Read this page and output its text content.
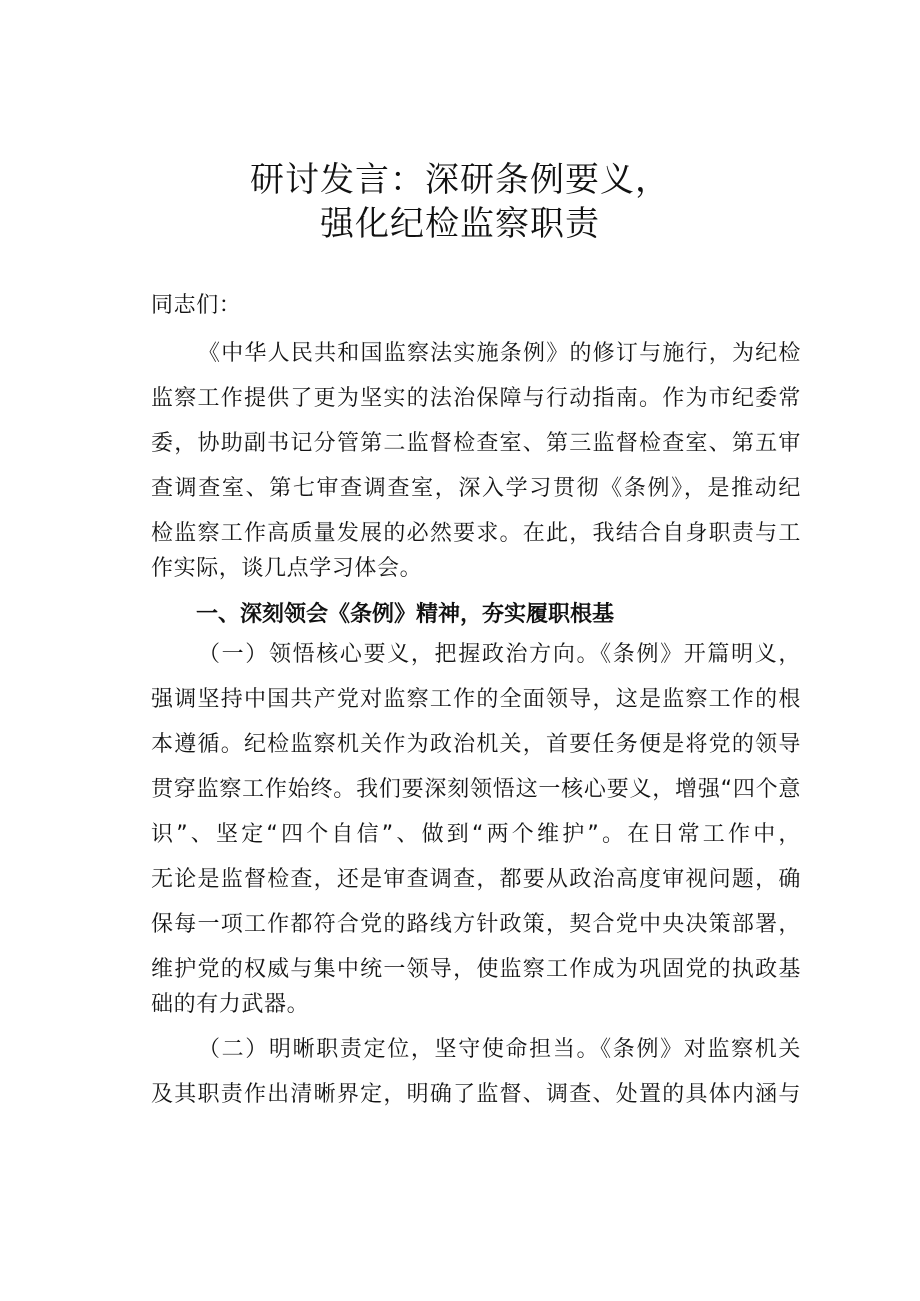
研讨发言：深研条例要义，
强化纪检监察职责
同志们：
《中华人民共和国监察法实施条例》的修订与施行，为纪检
监察工作提供了更为坚实的法治保障与行动指南。作为市纪委常
委，协助副书记分管第二监督检查室、第三监督检查室、第五审
查调查室、第七审查调查室，深入学习贯彻《条例》，是推动纪
检监察工作高质量发展的必然要求。在此，我结合自身职责与工
作实际，谈几点学习体会。
一、深刻领会《条例》精神，夯实履职根基
（一）领悟核心要义，把握政治方向。《条例》开篇明义，
强调坚持中国共产党对监察工作的全面领导，这是监察工作的根
本遵循。纪检监察机关作为政治机关，首要任务便是将党的领导
贯穿监察工作始终。我们要深刻领悟这一核心要义，增强“四个意
识”、坚定“四个自信”、做到“两个维护”。在日常工作中，
无论是监督检查，还是审查调查，都要从政治高度审视问题，确
保每一项工作都符合党的路线方针政策，契合党中央决策部署，
维护党的权威与集中统一领导，使监察工作成为巩固党的执政基
础的有力武器。
（二）明晰职责定位，坚守使命担当。《条例》对监察机关
及其职责作出清晰界定，明确了监督、调查、处置的具体内涵与
